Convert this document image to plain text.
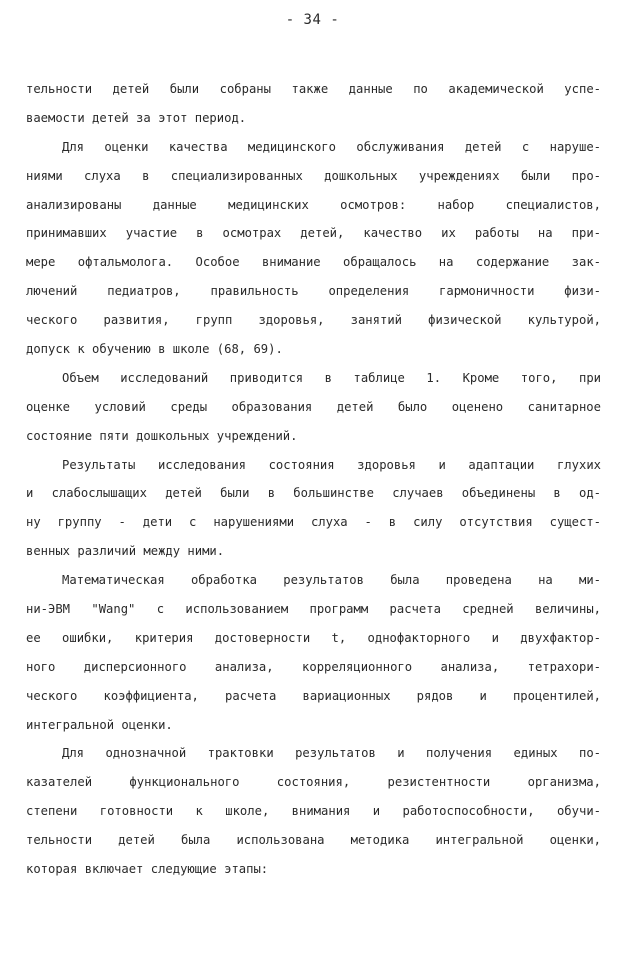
- 34 -
тельности детей были собраны также данные по академической успе-
ваемости детей за этот период.
Для оценки качества медицинского обслуживания детей с наруше-
ниями слуха в специализированных дошкольных учреждениях были про-
анализированы данные медицинских осмотров: набор специалистов,
принимавших участие в осмотрах детей, качество их работы на при-
мере офтальмолога. Особое внимание обращалось на содержание зак-
лючений педиатров, правильность определения гармоничности физи-
ческого развития, групп здоровья, занятий физической культурой,
допуск к обучению в школе (68, 69).
Объем исследований приводится в таблице 1. Кроме того, при
оценке условий среды образования детей было оценено санитарное
состояние пяти дошкольных учреждений.
Результаты исследования состояния здоровья и адаптации глухих
и слабослышащих детей были в большинстве случаев объединены в од-
ну группу - дети с нарушениями слуха - в силу отсутствия сущест-
венных различий между ними.
Математическая обработка результатов была проведена на ми-
ни-ЭВМ "Wang" с использованием программ расчета средней величины,
ее ошибки, критерия достоверности t, однофакторного и двухфактор-
ного дисперсионного анализа, корреляционного анализа, тетрахори-
ческого коэффициента, расчета вариационных рядов и процентилей,
интегральной оценки.
Для однозначной трактовки результатов и получения единых по-
казателей функционального состояния, резистентности организма,
степени готовности к школе, внимания и работоспособности, обучи-
тельности детей была использована методика интегральной оценки,
которая включает следующие этапы:
